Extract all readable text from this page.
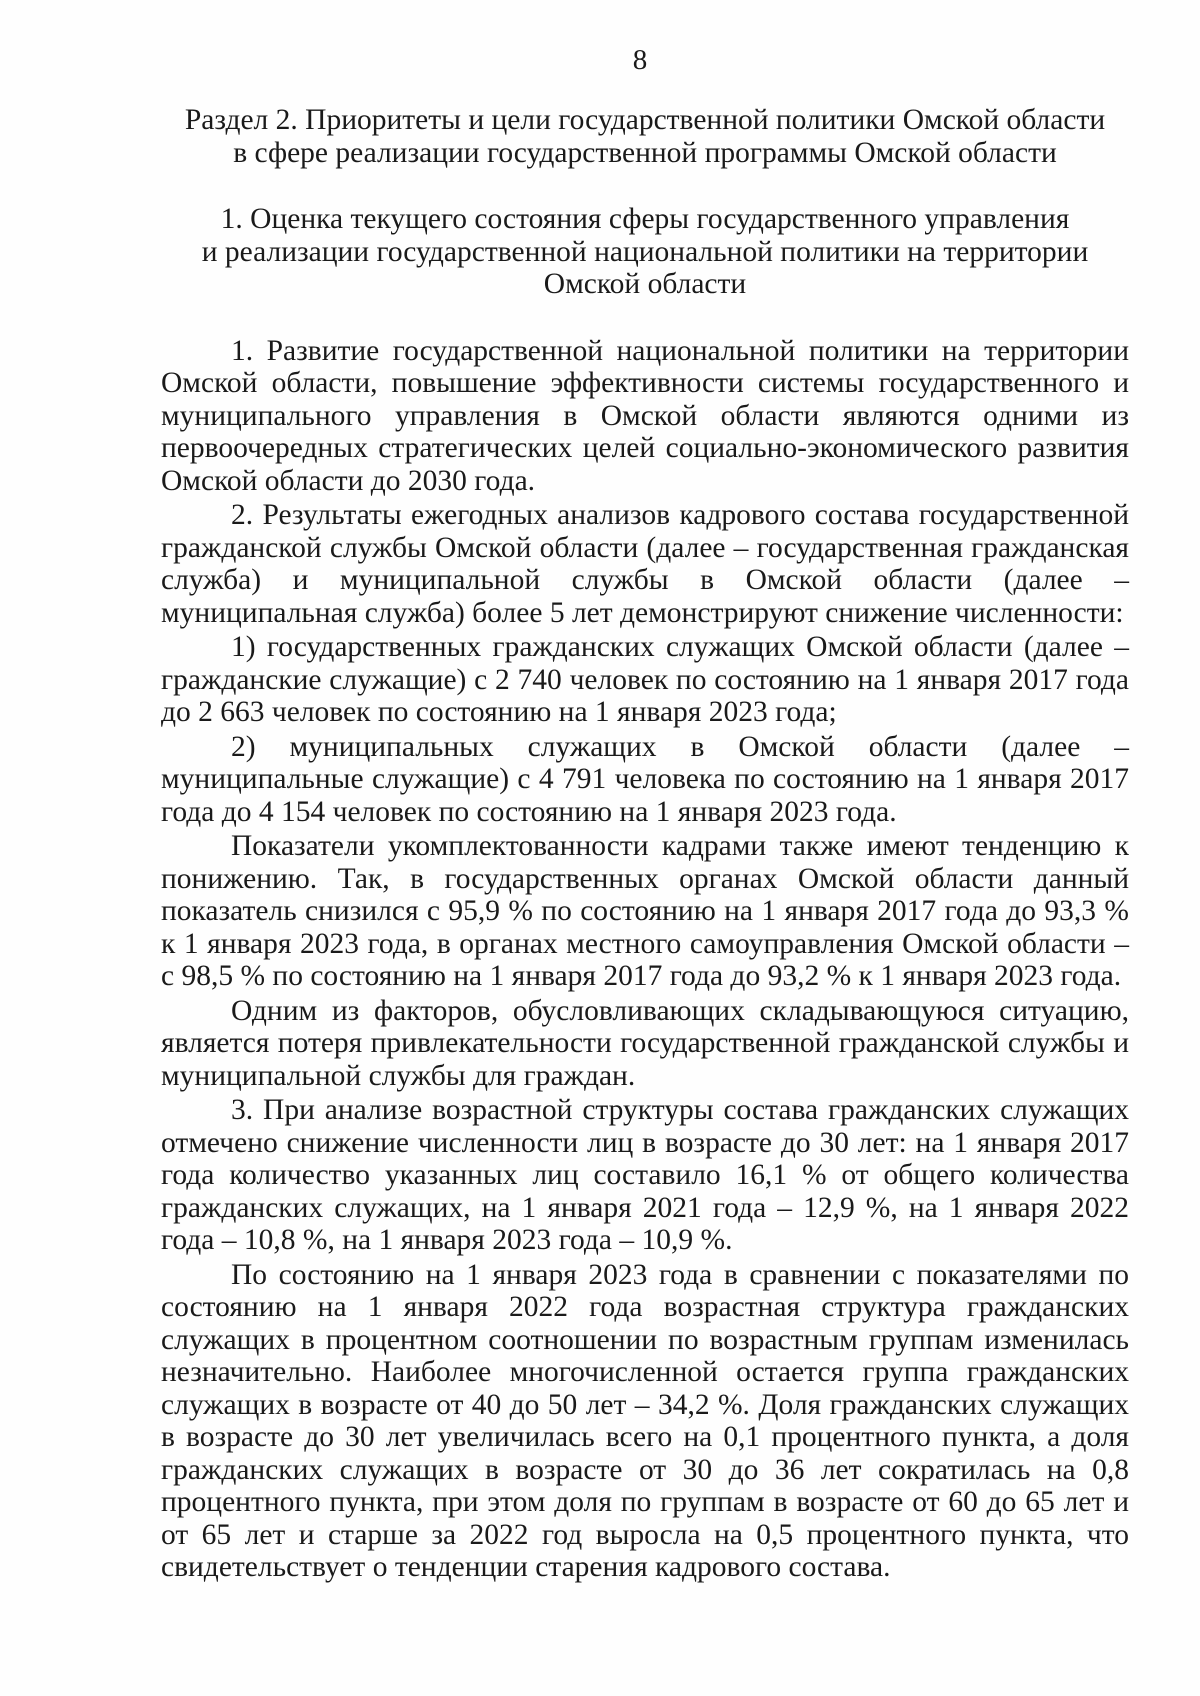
8
Раздел 2. Приоритеты и цели государственной политики Омской области
в сфере реализации государственной программы Омской области
1. Оценка текущего состояния сферы государственного управления
и реализации государственной национальной политики на территории
Омской области

1. Развитие государственной национальной политики на территории Омской области, повышение эффективности системы государственного и муниципального управления в Омской области являются одними из первоочередных стратегических целей социально-экономического развития Омской области до 2030 года.

2. Результаты ежегодных анализов кадрового состава государственной гражданской службы Омской области (далее – государственная гражданская служба) и муниципальной службы в Омской области (далее – муниципальная служба) более 5 лет демонстрируют снижение численности:

1) государственных гражданских служащих Омской области (далее – гражданские служащие) с 2 740 человек по состоянию на 1 января 2017 года до 2 663 человек по состоянию на 1 января 2023 года;

2) муниципальных служащих в Омской области (далее – муниципальные служащие) с 4 791 человека по состоянию на 1 января 2017 года до 4 154 человек по состоянию на 1 января 2023 года.

Показатели укомплектованности кадрами также имеют тенденцию к понижению. Так, в государственных органах Омской области данный показатель снизился с 95,9 % по состоянию на 1 января 2017 года до 93,3 % к 1 января 2023 года, в органах местного самоуправления Омской области – с 98,5 % по состоянию на 1 января 2017 года до 93,2 % к 1 января 2023 года.

Одним из факторов, обусловливающих складывающуюся ситуацию, является потеря привлекательности государственной гражданской службы и муниципальной службы для граждан.

3. При анализе возрастной структуры состава гражданских служащих отмечено снижение численности лиц в возрасте до 30 лет: на 1 января 2017 года количество указанных лиц составило 16,1 % от общего количества гражданских служащих, на 1 января 2021 года – 12,9 %, на 1 января 2022 года – 10,8 %, на 1 января 2023 года – 10,9 %.

По состоянию на 1 января 2023 года в сравнении с показателями по состоянию на 1 января 2022 года возрастная структура гражданских служащих в процентном соотношении по возрастным группам изменилась незначительно. Наиболее многочисленной остается группа гражданских служащих в возрасте от 40 до 50 лет – 34,2 %. Доля гражданских служащих в возрасте до 30 лет увеличилась всего на 0,1 процентного пункта, а доля гражданских служащих в возрасте от 30 до 36 лет сократилась на 0,8 процентного пункта, при этом доля по группам в возрасте от 60 до 65 лет и от 65 лет и старше за 2022 год выросла на 0,5 процентного пункта, что свидетельствует о тенденции старения кадрового состава.
